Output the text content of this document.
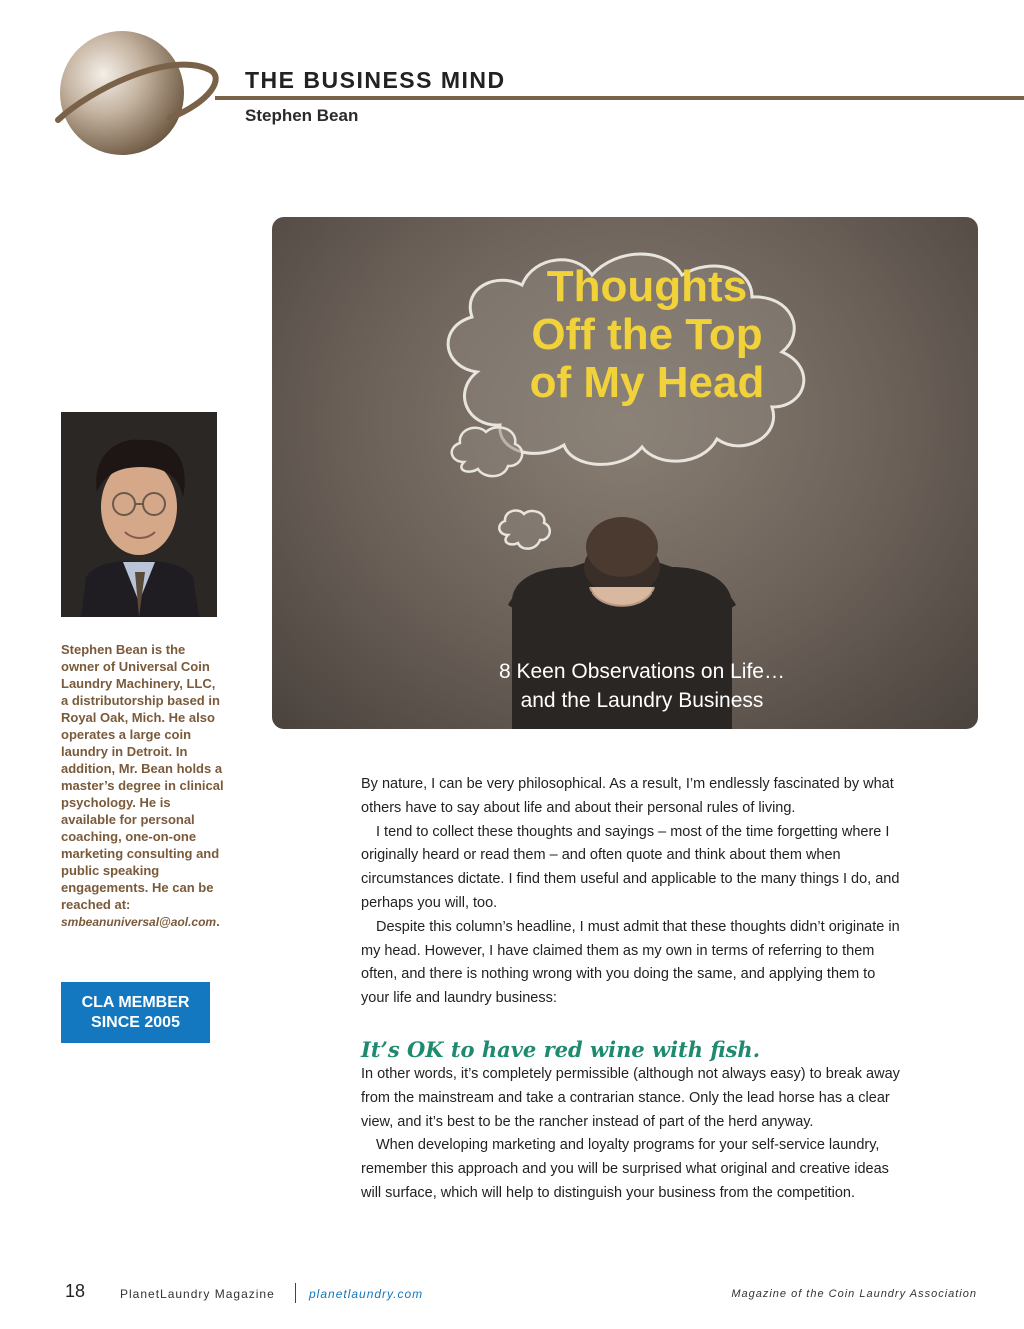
THE BUSINESS MIND
Stephen Bean
Thoughts
Off the Top
of My Head
8 Keen Observations on Life…
and the Laundry Business
Stephen Bean is the owner of Universal Coin Laundry Machinery, LLC, a distributorship based in Royal Oak, Mich. He also operates a large coin laundry in Detroit. In addition, Mr. Bean holds a master’s degree in clinical psychology. He is available for personal coaching, one-on-one marketing consulting and public speaking engagements. He can be reached at: smbeanuniversal@aol.com.
CLA MEMBER
SINCE 2005

By nature, I can be very philosophical. As a result, I’m endlessly fascinated by what others have to say about life and about their personal rules of living.

I tend to collect these thoughts and sayings – most of the time forgetting where I originally heard or read them – and often quote and think about them when circumstances dictate. I find them useful and applicable to the many things I do, and perhaps you will, too.

Despite this column’s headline, I must admit that these thoughts didn’t originate in my head. However, I have claimed them as my own in terms of referring to them often, and there is nothing wrong with you doing the same, and applying them to your life and laundry business:

It’s OK to have red wine with fish.

In other words, it’s completely permissible (although not always easy) to break away from the mainstream and take a contrarian stance. Only the lead horse has a clear view, and it’s best to be the rancher instead of part of the herd anyway.

When developing marketing and loyalty programs for your self-service laundry, remember this approach and you will be surprised what original and creative ideas will surface, which will help to distinguish your business from the competition.

18	PlanetLaundry Magazine	planetlaundry.com	Magazine of the Coin Laundry Association
